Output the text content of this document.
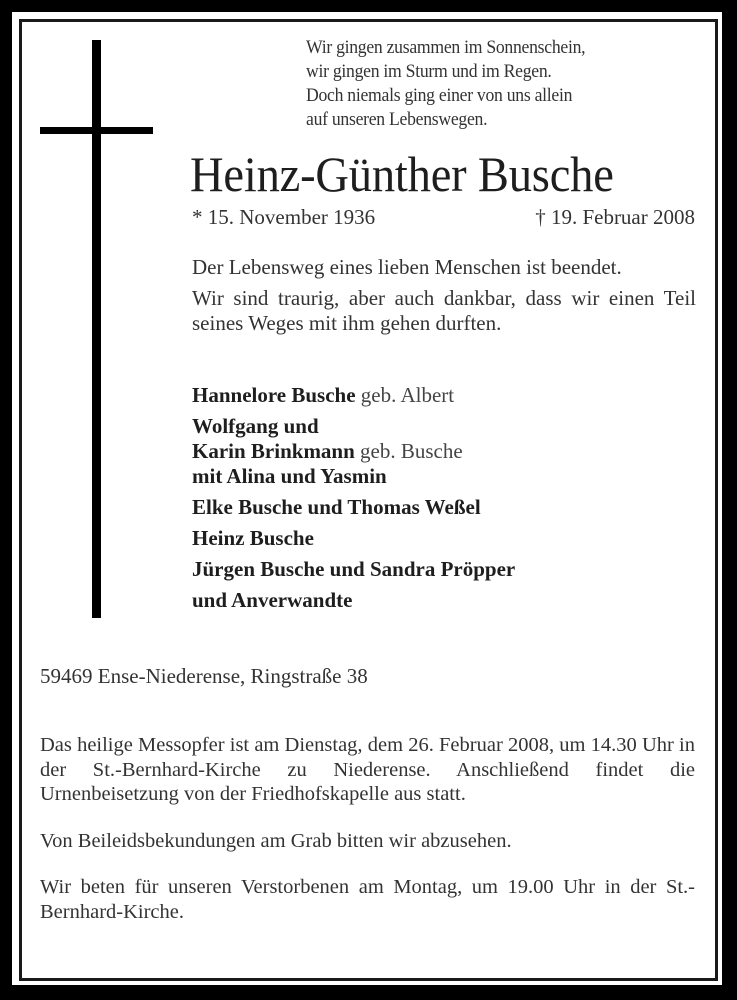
Wir gingen zusammen im Sonnenschein,
wir gingen im Sturm und im Regen.
Doch niemals ging einer von uns allein
auf unseren Lebenswegen.
Heinz-Günther Busche
* 15. November 1936	† 19. Februar 2008

Der Lebensweg eines lieben Menschen ist beendet.

Wir sind traurig, aber auch dankbar, dass wir einen Teil seines Weges mit ihm gehen durften.

Hannelore Busche geb. Albert
Wolfgang und
Karin Brinkmann geb. Busche
mit Alina und Yasmin
Elke Busche und Thomas Weßel
Heinz Busche
Jürgen Busche und Sandra Pröpper
und Anverwandte
59469 Ense-Niederense, Ringstraße 38

Das heilige Messopfer ist am Dienstag, dem 26. Februar 2008, um 14.30 Uhr in der St.-Bernhard-Kirche zu Niederense. Anschließend findet die Urnenbeisetzung von der Friedhofskapelle aus statt.

Von Beileidsbekundungen am Grab bitten wir abzusehen.

Wir beten für unseren Verstorbenen am Montag, um 19.00 Uhr in der St.-Bernhard-Kirche.
